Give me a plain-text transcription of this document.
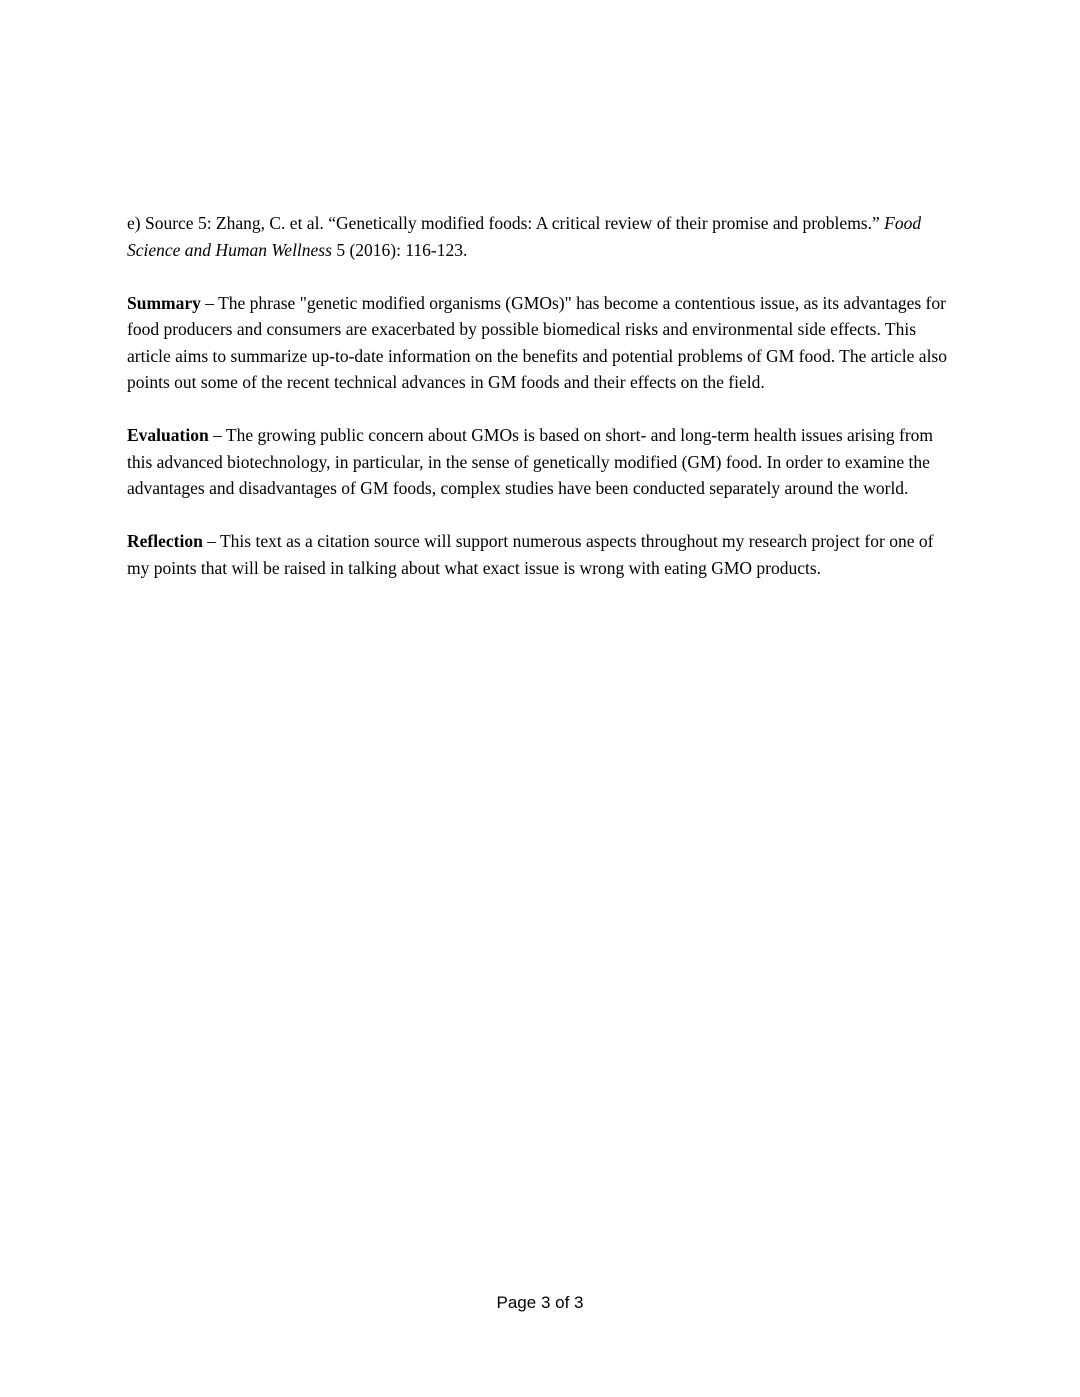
e) Source 5: Zhang, C. et al. “Genetically modified foods: A critical review of their promise and problems.” Food Science and Human Wellness 5 (2016): 116-123.

Summary – The phrase "genetic modified organisms (GMOs)" has become a contentious issue, as its advantages for food producers and consumers are exacerbated by possible biomedical risks and environmental side effects. This article aims to summarize up-to-date information on the benefits and potential problems of GM food. The article also points out some of the recent technical advances in GM foods and their effects on the field.

Evaluation – The growing public concern about GMOs is based on short- and long-term health issues arising from this advanced biotechnology, in particular, in the sense of genetically modified (GM) food. In order to examine the advantages and disadvantages of GM foods, complex studies have been conducted separately around the world.

Reflection – This text as a citation source will support numerous aspects throughout my research project for one of my points that will be raised in talking about what exact issue is wrong with eating GMO products.

Page 3 of 3
